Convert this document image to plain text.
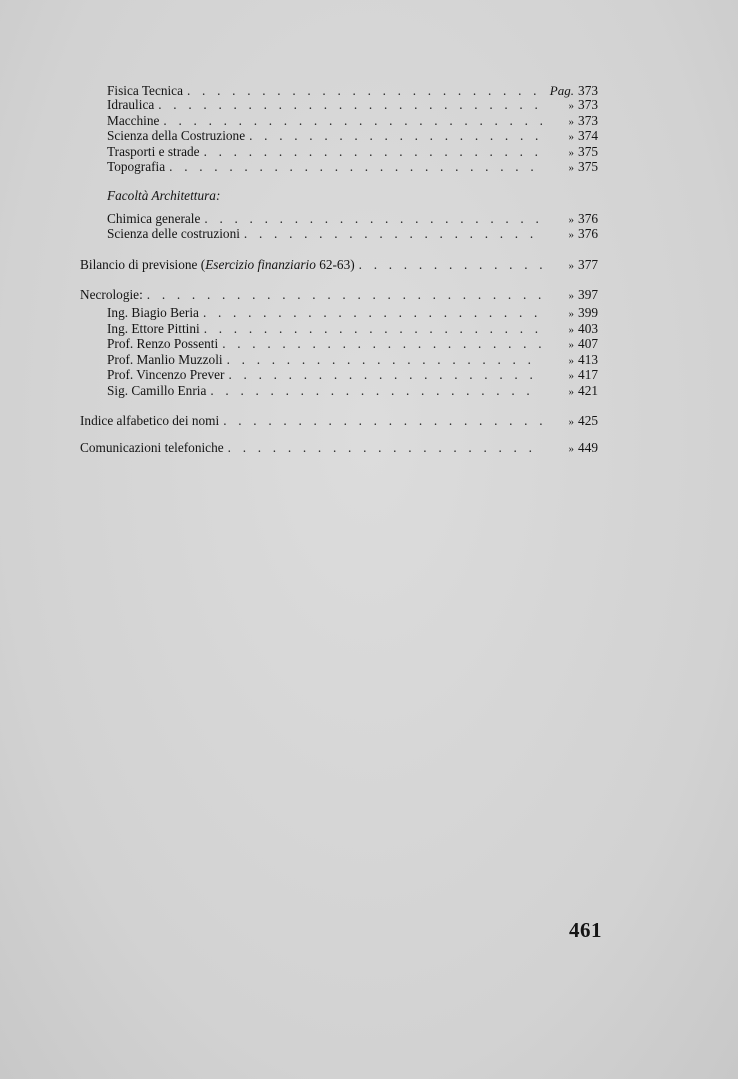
Fisica Tecnica . . .	Pag. 373
Idraulica . . .	» 373
Macchine . . .	» 373
Scienza della Costruzione . . .	» 374
Trasporti e strade . . .	» 375
Topografia . . .	» 375
Facoltà Architettura:
Chimica generale . . .	» 376
Scienza delle costruzioni . . .	» 376
Bilancio di previsione (Esercizio finanziario 62-63) . . .	» 377
Necrologie: . . .	» 397
Ing. Biagio Beria . . .	» 399
Ing. Ettore Pittini . . .	» 403
Prof. Renzo Possenti . . .	» 407
Prof. Manlio Muzzoli . . .	» 413
Prof. Vincenzo Prever . . .	» 417
Sig. Camillo Enria . . .	» 421
Indice alfabetico dei nomi . . .	» 425
Comunicazioni telefoniche . . .	» 449
461
